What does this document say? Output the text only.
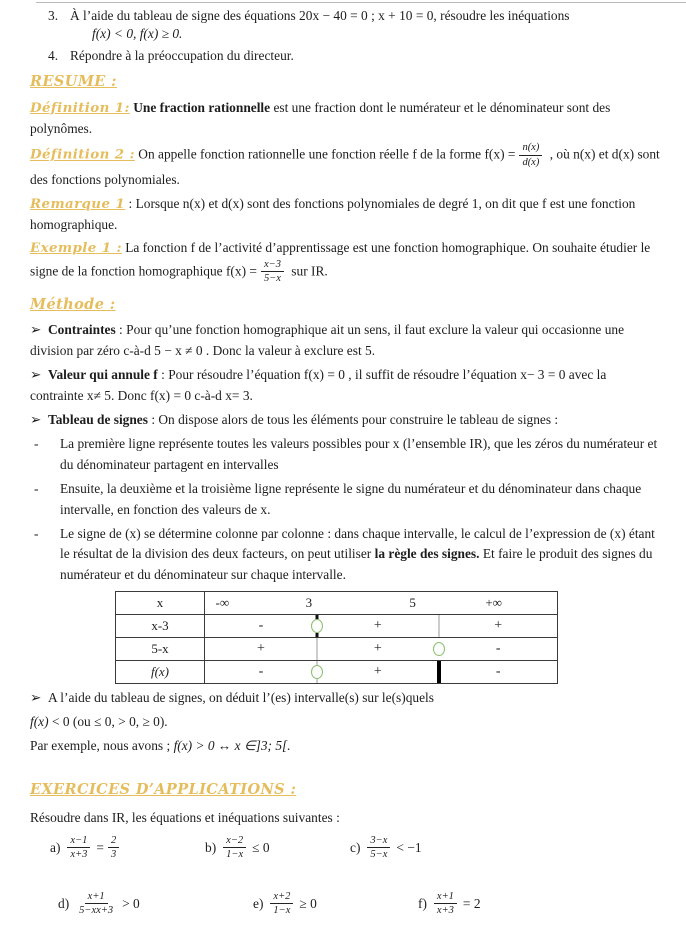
3. À l’aide du tableau de signe des équations 20x − 40 = 0 ; x + 10 = 0, résoudre les inéquations
f(x) < 0, f(x) ≥ 0.
4. Répondre à la préoccupation du directeur.
RESUME :

Définition 1: Une fraction rationnelle est une fraction dont le numérateur et le dénominateur sont des polynômes.

Définition 2 : On appelle fonction rationnelle une fonction réelle f de la forme $f(x) = \frac{n(x)}{d(x)}$ , où n(x) et d(x) sont des fonctions polynomiales.

Remarque 1 : Lorsque n(x) et d(x) sont des fonctions polynomiales de degré 1, on dit que f est une fonction homographique.

Exemple 1 : La fonction f de l’activité d’apprentissage est une fonction homographique. On souhaite étudier le signe de la fonction homographique $f(x) = \frac{x-3}{5-x}$ sur IR.

Méthode :

➢ Contraintes : Pour qu’une fonction homographique ait un sens, il faut exclure la valeur qui occasionne une division par zéro c-à-d 5 − x ≠ 0 . Donc la valeur à exclure est 5.

➢ Valeur qui annule f : Pour résoudre l’équation f(x) = 0 , il suffit de résoudre l’équation x− 3 = 0 avec la contrainte x≠ 5. Donc f(x) = 0 c-à-d x= 3.

➢ Tableau de signes : On dispose alors de tous les éléments pour construire le tableau de signes :

-	La première ligne représente toutes les valeurs possibles pour x (l’ensemble IR), que les zéros du numérateur et du dénominateur partagent en intervalles
-	Ensuite, la deuxième et la troisième ligne représente le signe du numérateur et du dénominateur dans chaque intervalle, en fonction des valeurs de x.
-	Le signe de (x) se détermine colonne par colonne : dans chaque intervalle, le calcul de l’expression de (x) étant le résultat de la division des deux facteurs, on peut utiliser la règle des signes. Et faire le produit des signes du numérateur et du dénominateur sur chaque intervalle.
x	-∞	3	5	+∞
x-3	-	+	+
5-x	+	+	-
f(x)	-	+	-

➢ A l’aide du tableau de signes, on déduit l’(es) intervalle(s) sur le(s)quels

f(x) < 0 (ou ≤ 0, > 0, ≥ 0).

Par exemple, nous avons ; f(x) > 0 ↔ x ∈]3; 5[.

EXERCICES D’APPLICATIONS :

Résoudre dans IR, les équations et inéquations suivantes :

$a) \frac{x-1}{x+3} = \frac{2}{3}$	$b) \frac{x-2}{1-x} \le 0$	$c) \frac{3-x}{5-x} < -1$
$d) \frac{x+1}{5-xx+3} > 0$	$e) \frac{x+2}{1-x} \ge 0$	$f) \frac{x+1}{x+3} = 2$
